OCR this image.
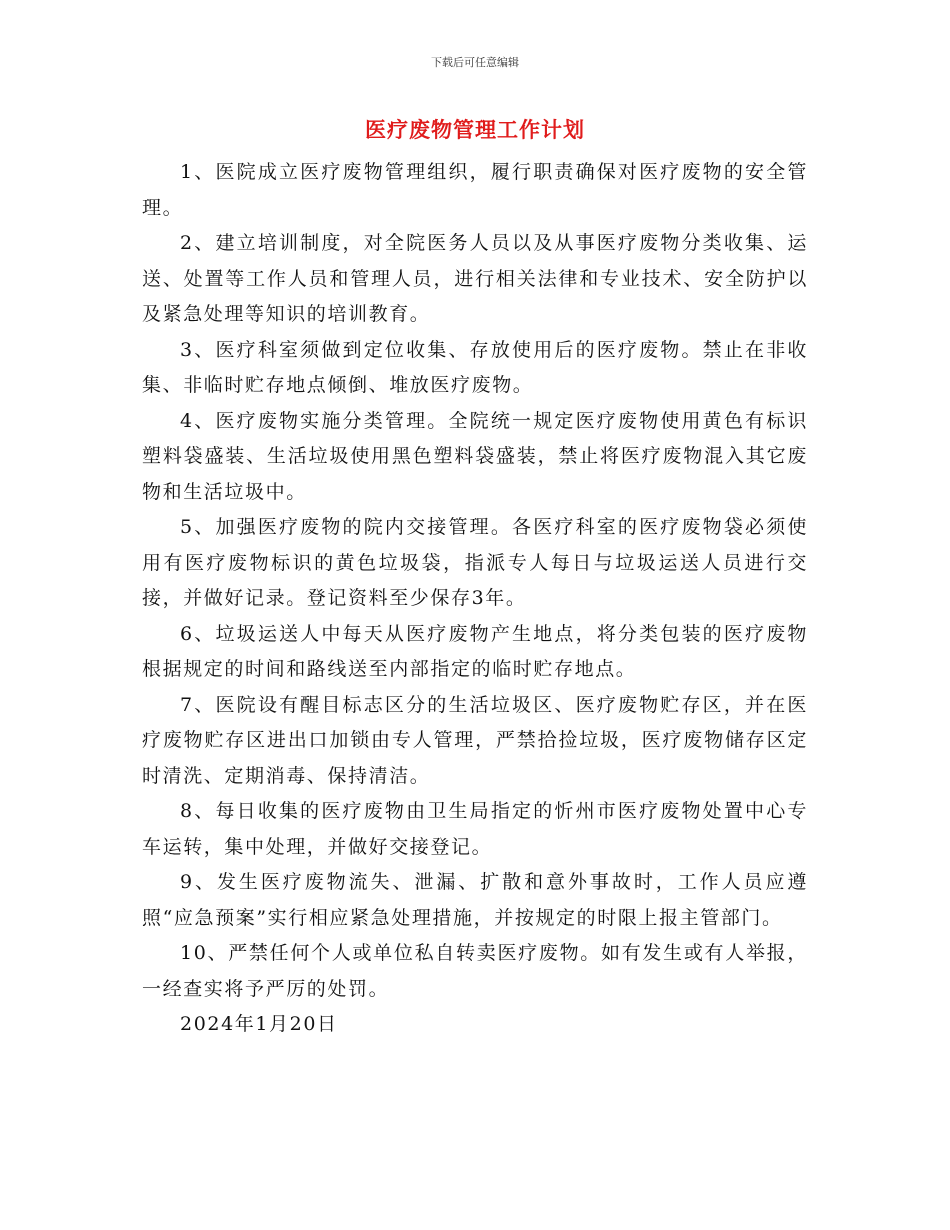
下载后可任意编辑
医疗废物管理工作计划

1、医院成立医疗废物管理组织，履行职责确保对医疗废物的安全管理。

2、建立培训制度，对全院医务人员以及从事医疗废物分类收集、运送、处置等工作人员和管理人员，进行相关法律和专业技术、安全防护以及紧急处理等知识的培训教育。

3、医疗科室须做到定位收集、存放使用后的医疗废物。禁止在非收集、非临时贮存地点倾倒、堆放医疗废物。

4、医疗废物实施分类管理。全院统一规定医疗废物使用黄色有标识塑料袋盛装、生活垃圾使用黑色塑料袋盛装，禁止将医疗废物混入其它废物和生活垃圾中。

5、加强医疗废物的院内交接管理。各医疗科室的医疗废物袋必须使用有医疗废物标识的黄色垃圾袋，指派专人每日与垃圾运送人员进行交接，并做好记录。登记资料至少保存3年。

6、垃圾运送人中每天从医疗废物产生地点，将分类包装的医疗废物根据规定的时间和路线送至内部指定的临时贮存地点。

7、医院设有醒目标志区分的生活垃圾区、医疗废物贮存区，并在医疗废物贮存区进出口加锁由专人管理，严禁拾捡垃圾，医疗废物储存区定时清洗、定期消毒、保持清洁。

8、每日收集的医疗废物由卫生局指定的忻州市医疗废物处置中心专车运转，集中处理，并做好交接登记。

9、发生医疗废物流失、泄漏、扩散和意外事故时，工作人员应遵照“应急预案”实行相应紧急处理措施，并按规定的时限上报主管部门。

10、严禁任何个人或单位私自转卖医疗废物。如有发生或有人举报，一经查实将予严厉的处罚。

2024年1月20日
